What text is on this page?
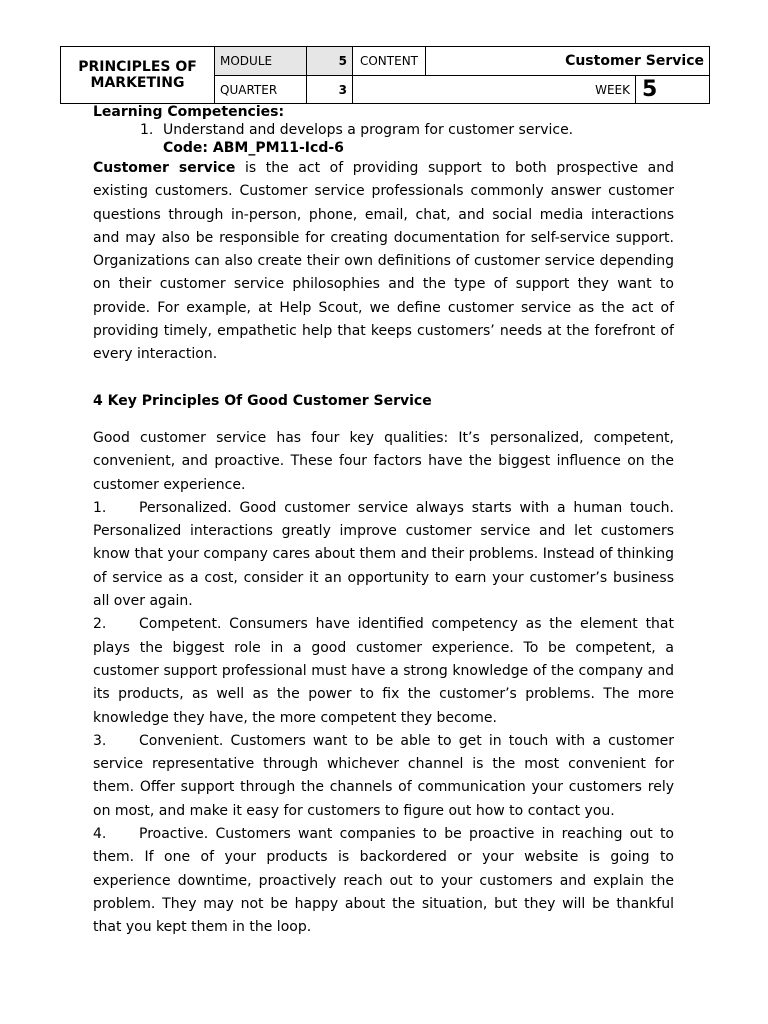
PRINCIPLES OF MARKETING	MODULE	5	CONTENT	Customer Service	
	QUARTER	3	WEEK		5

Learning Competencies:

1. Understand and develops a program for customer service.
Code: ABM_PM11-Icd-6

Customer service is the act of providing support to both prospective and existing customers. Customer service professionals commonly answer customer questions through in-person, phone, email, chat, and social media interactions and may also be responsible for creating documentation for self-service support. Organizations can also create their own definitions of customer service depending on their customer service philosophies and the type of support they want to provide. For example, at Help Scout, we define customer service as the act of providing timely, empathetic help that keeps customers’ needs at the forefront of every interaction.

4 Key Principles Of Good Customer Service

Good customer service has four key qualities: It’s personalized, competent, convenient, and proactive. These four factors have the biggest influence on the customer experience.

1. Personalized. Good customer service always starts with a human touch. Personalized interactions greatly improve customer service and let customers know that your company cares about them and their problems. Instead of thinking of service as a cost, consider it an opportunity to earn your customer’s business all over again.

2. Competent. Consumers have identified competency as the element that plays the biggest role in a good customer experience. To be competent, a customer support professional must have a strong knowledge of the company and its products, as well as the power to fix the customer’s problems. The more knowledge they have, the more competent they become.

3. Convenient. Customers want to be able to get in touch with a customer service representative through whichever channel is the most convenient for them. Offer support through the channels of communication your customers rely on most, and make it easy for customers to figure out how to contact you.

4. Proactive. Customers want companies to be proactive in reaching out to them. If one of your products is backordered or your website is going to experience downtime, proactively reach out to your customers and explain the problem. They may not be happy about the situation, but they will be thankful that you kept them in the loop.
